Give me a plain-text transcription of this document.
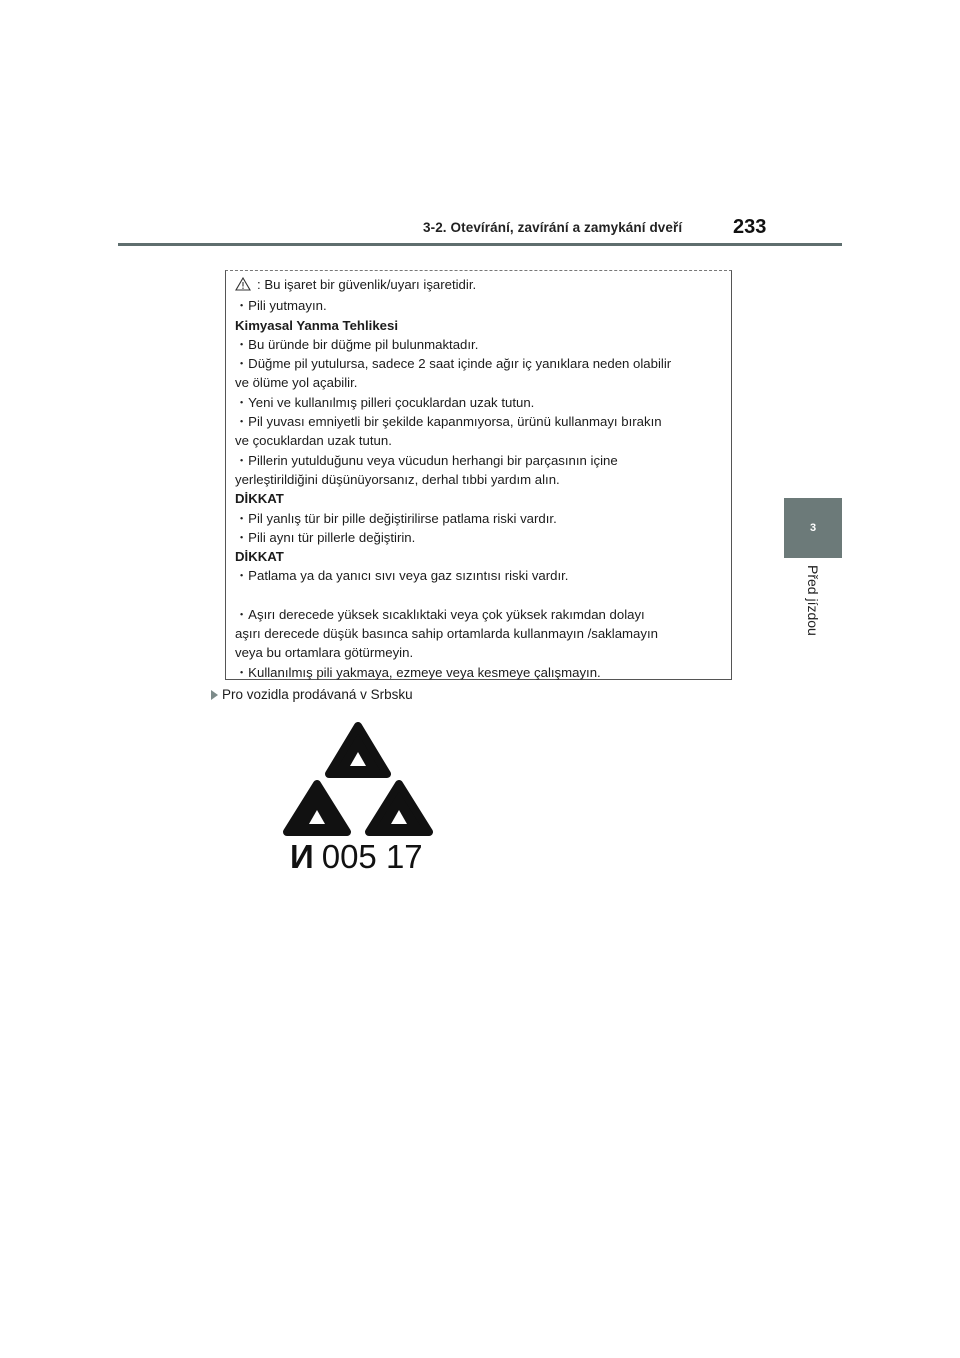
3-2. Otevírání, zavírání a zamykání dveří	233
3
Před jízdou
: Bu işaret bir güvenlik/uyarı işaretidir.
・Pili yutmayın.
Kimyasal Yanma Tehlikesi
・Bu üründe bir düğme pil bulunmaktadır.
・Düğme pil yutulursa, sadece 2 saat içinde ağır iç yanıklara neden olabilir
ve ölüme yol açabilir.
・Yeni ve kullanılmış pilleri çocuklardan uzak tutun.
・Pil yuvası emniyetli bir şekilde kapanmıyorsa, ürünü kullanmayı bırakın
ve çocuklardan uzak tutun.
・Pillerin yutulduğunu veya vücudun herhangi bir parçasının içine
yerleştirildiğini düşünüyorsanız, derhal tıbbi yardım alın.
DİKKAT
・Pil yanlış tür bir pille değiştirilirse patlama riski vardır.
・Pili aynı tür pillerle değiştirin.
DİKKAT
・Patlama ya da yanıcı sıvı veya gaz sızıntısı riski vardır.
・Aşırı derecede yüksek sıcaklıktaki veya çok yüksek rakımdan dolayı
aşırı derecede düşük basınca sahip ortamlarda kullanmayın /saklamayın
veya bu ortamlara götürmeyin.
・Kullanılmış pili yakmaya, ezmeye veya kesmeye çalışmayın.
Pro vozidla prodávaná v Srbsku
И 005 17
